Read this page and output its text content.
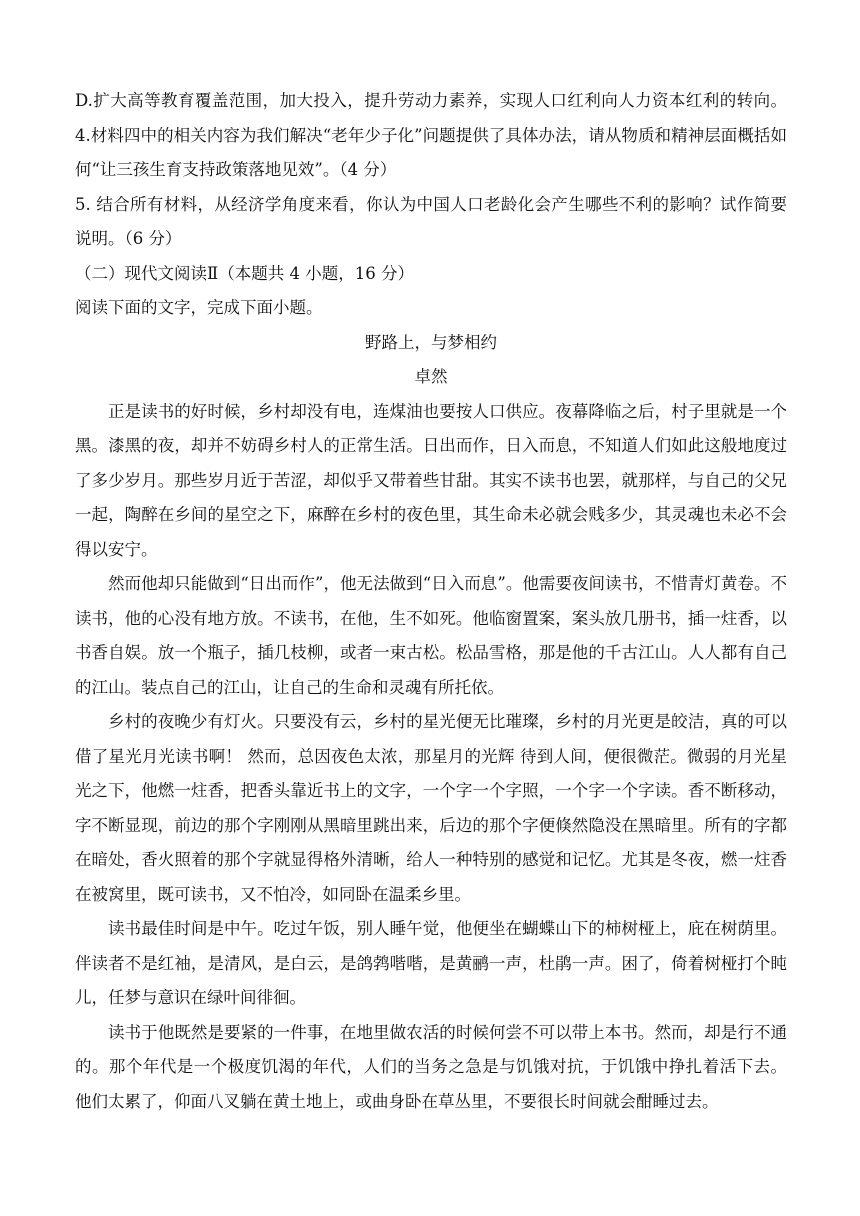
D.扩大高等教育覆盖范围，加大投入，提升劳动力素养，实现人口红利向人力资本红利的转向。

4.材料四中的相关内容为我们解决“老年少子化”问题提供了具体办法，请从物质和精神层面概括如何“让三孩生育支持政策落地见效”。（4 分）

5. 结合所有材料，从经济学角度来看，你认为中国人口老龄化会产生哪些不利的影响？试作简要说明。（6 分）

（二）现代文阅读Ⅱ（本题共 4 小题，16 分）

阅读下面的文字，完成下面小题。

野路上，与梦相约

卓然

正是读书的好时候，乡村却没有电，连煤油也要按人口供应。夜幕降临之后，村子里就是一个黑。漆黑的夜，却并不妨碍乡村人的正常生活。日出而作，日入而息，不知道人们如此这般地度过了多少岁月。那些岁月近于苦涩，却似乎又带着些甘甜。其实不读书也罢，就那样，与自己的父兄一起，陶醉在乡间的星空之下，麻醉在乡村的夜色里，其生命未必就会贱多少，其灵魂也未必不会得以安宁。

然而他却只能做到“日出而作”，他无法做到“日入而息”。他需要夜间读书，不惜青灯黄卷。不读书，他的心没有地方放。不读书，在他，生不如死。他临窗置案，案头放几册书，插一炷香，以书香自娱。放一个瓶子，插几枝柳，或者一束古松。松品雪格，那是他的千古江山。人人都有自己的江山。装点自己的江山，让自己的生命和灵魂有所托依。

乡村的夜晚少有灯火。只要没有云，乡村的星光便无比璀璨，乡村的月光更是皎洁，真的可以借了星光月光读书啊！ 然而，总因夜色太浓，那星月的光辉 待到人间，便很微茫。微弱的月光星光之下，他燃一炷香，把香头靠近书上的文字，一个字一个字照，一个字一个字读。香不断移动，字不断显现，前边的那个字刚刚从黑暗里跳出来，后边的那个字便倏然隐没在黑暗里。所有的字都在暗处，香火照着的那个字就显得格外清晰，给人一种特别的感觉和记忆。尤其是冬夜，燃一炷香在被窝里，既可读书，又不怕冷，如同卧在温柔乡里。

读书最佳时间是中午。吃过午饭，别人睡午觉，他便坐在蝴蝶山下的柿树桠上，庇在树荫里。伴读者不是红袖，是清风，是白云，是鸽鹁喈喈，是黄鹂一声，杜鹃一声。困了，倚着树桠打个盹儿，任梦与意识在绿叶间徘徊。

读书于他既然是要紧的一件事，在地里做农活的时候何尝不可以带上本书。然而，却是行不通的。那个年代是一个极度饥渴的年代，人们的当务之急是与饥饿对抗，于饥饿中挣扎着活下去。 他们太累了，仰面八叉躺在黄土地上，或曲身卧在草丛里，不要很长时间就会酣睡过去。
